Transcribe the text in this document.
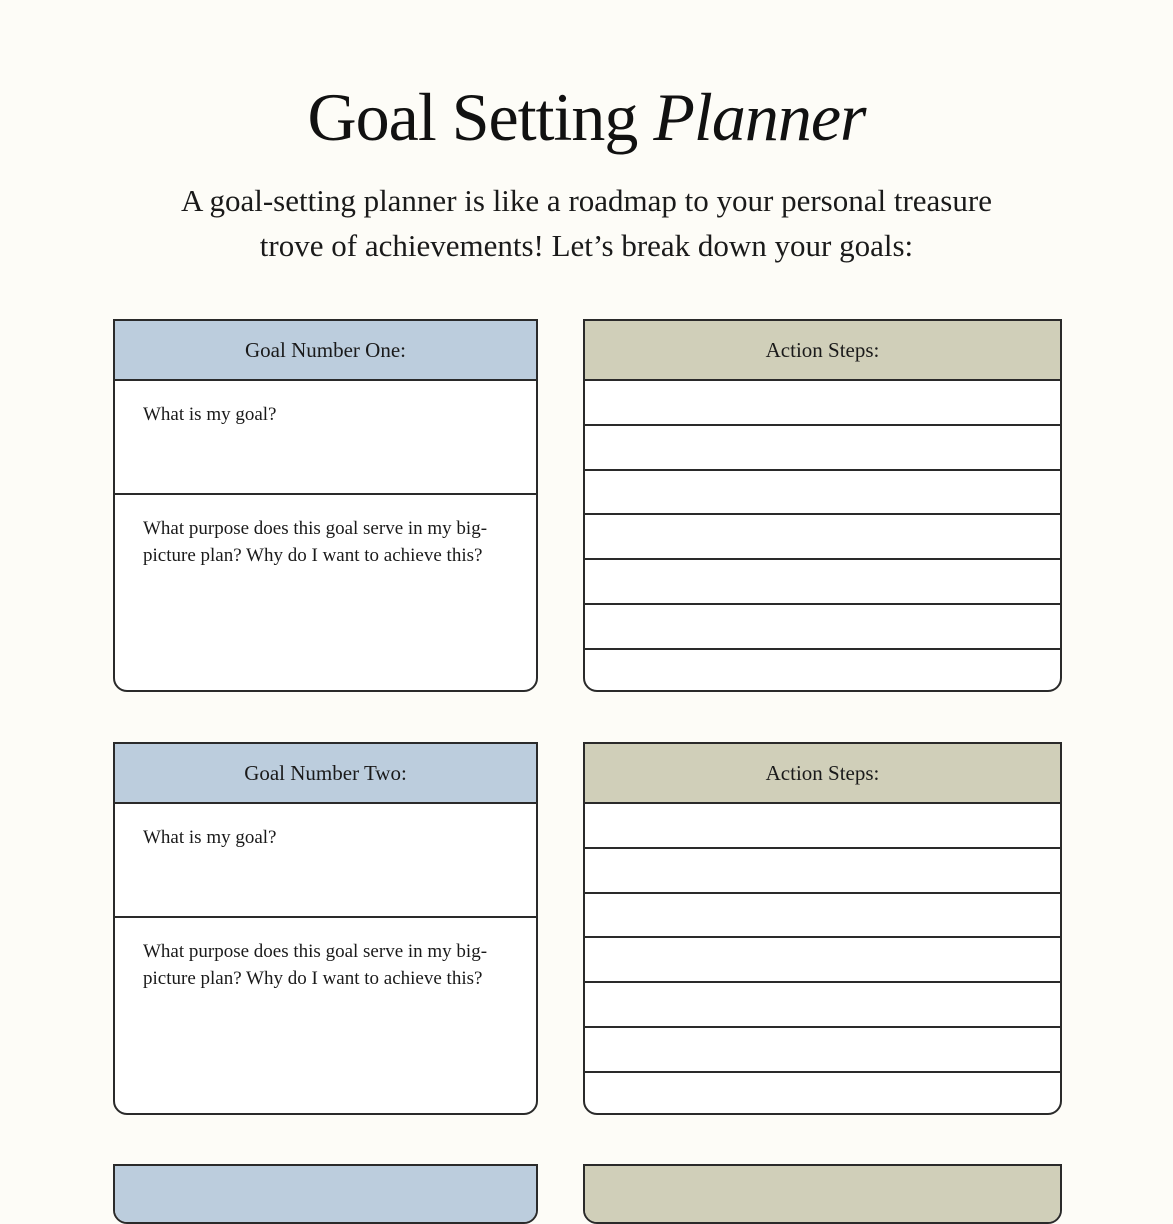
Goal Setting Planner
A goal-setting planner is like a roadmap to your personal treasure trove of achievements! Let’s break down your goals:
Goal Number One:
What is my goal?
What purpose does this goal serve in my big-picture plan? Why do I want to achieve this?
Action Steps:
Goal Number Two:
What is my goal?
What purpose does this goal serve in my big-picture plan? Why do I want to achieve this?
Action Steps:
